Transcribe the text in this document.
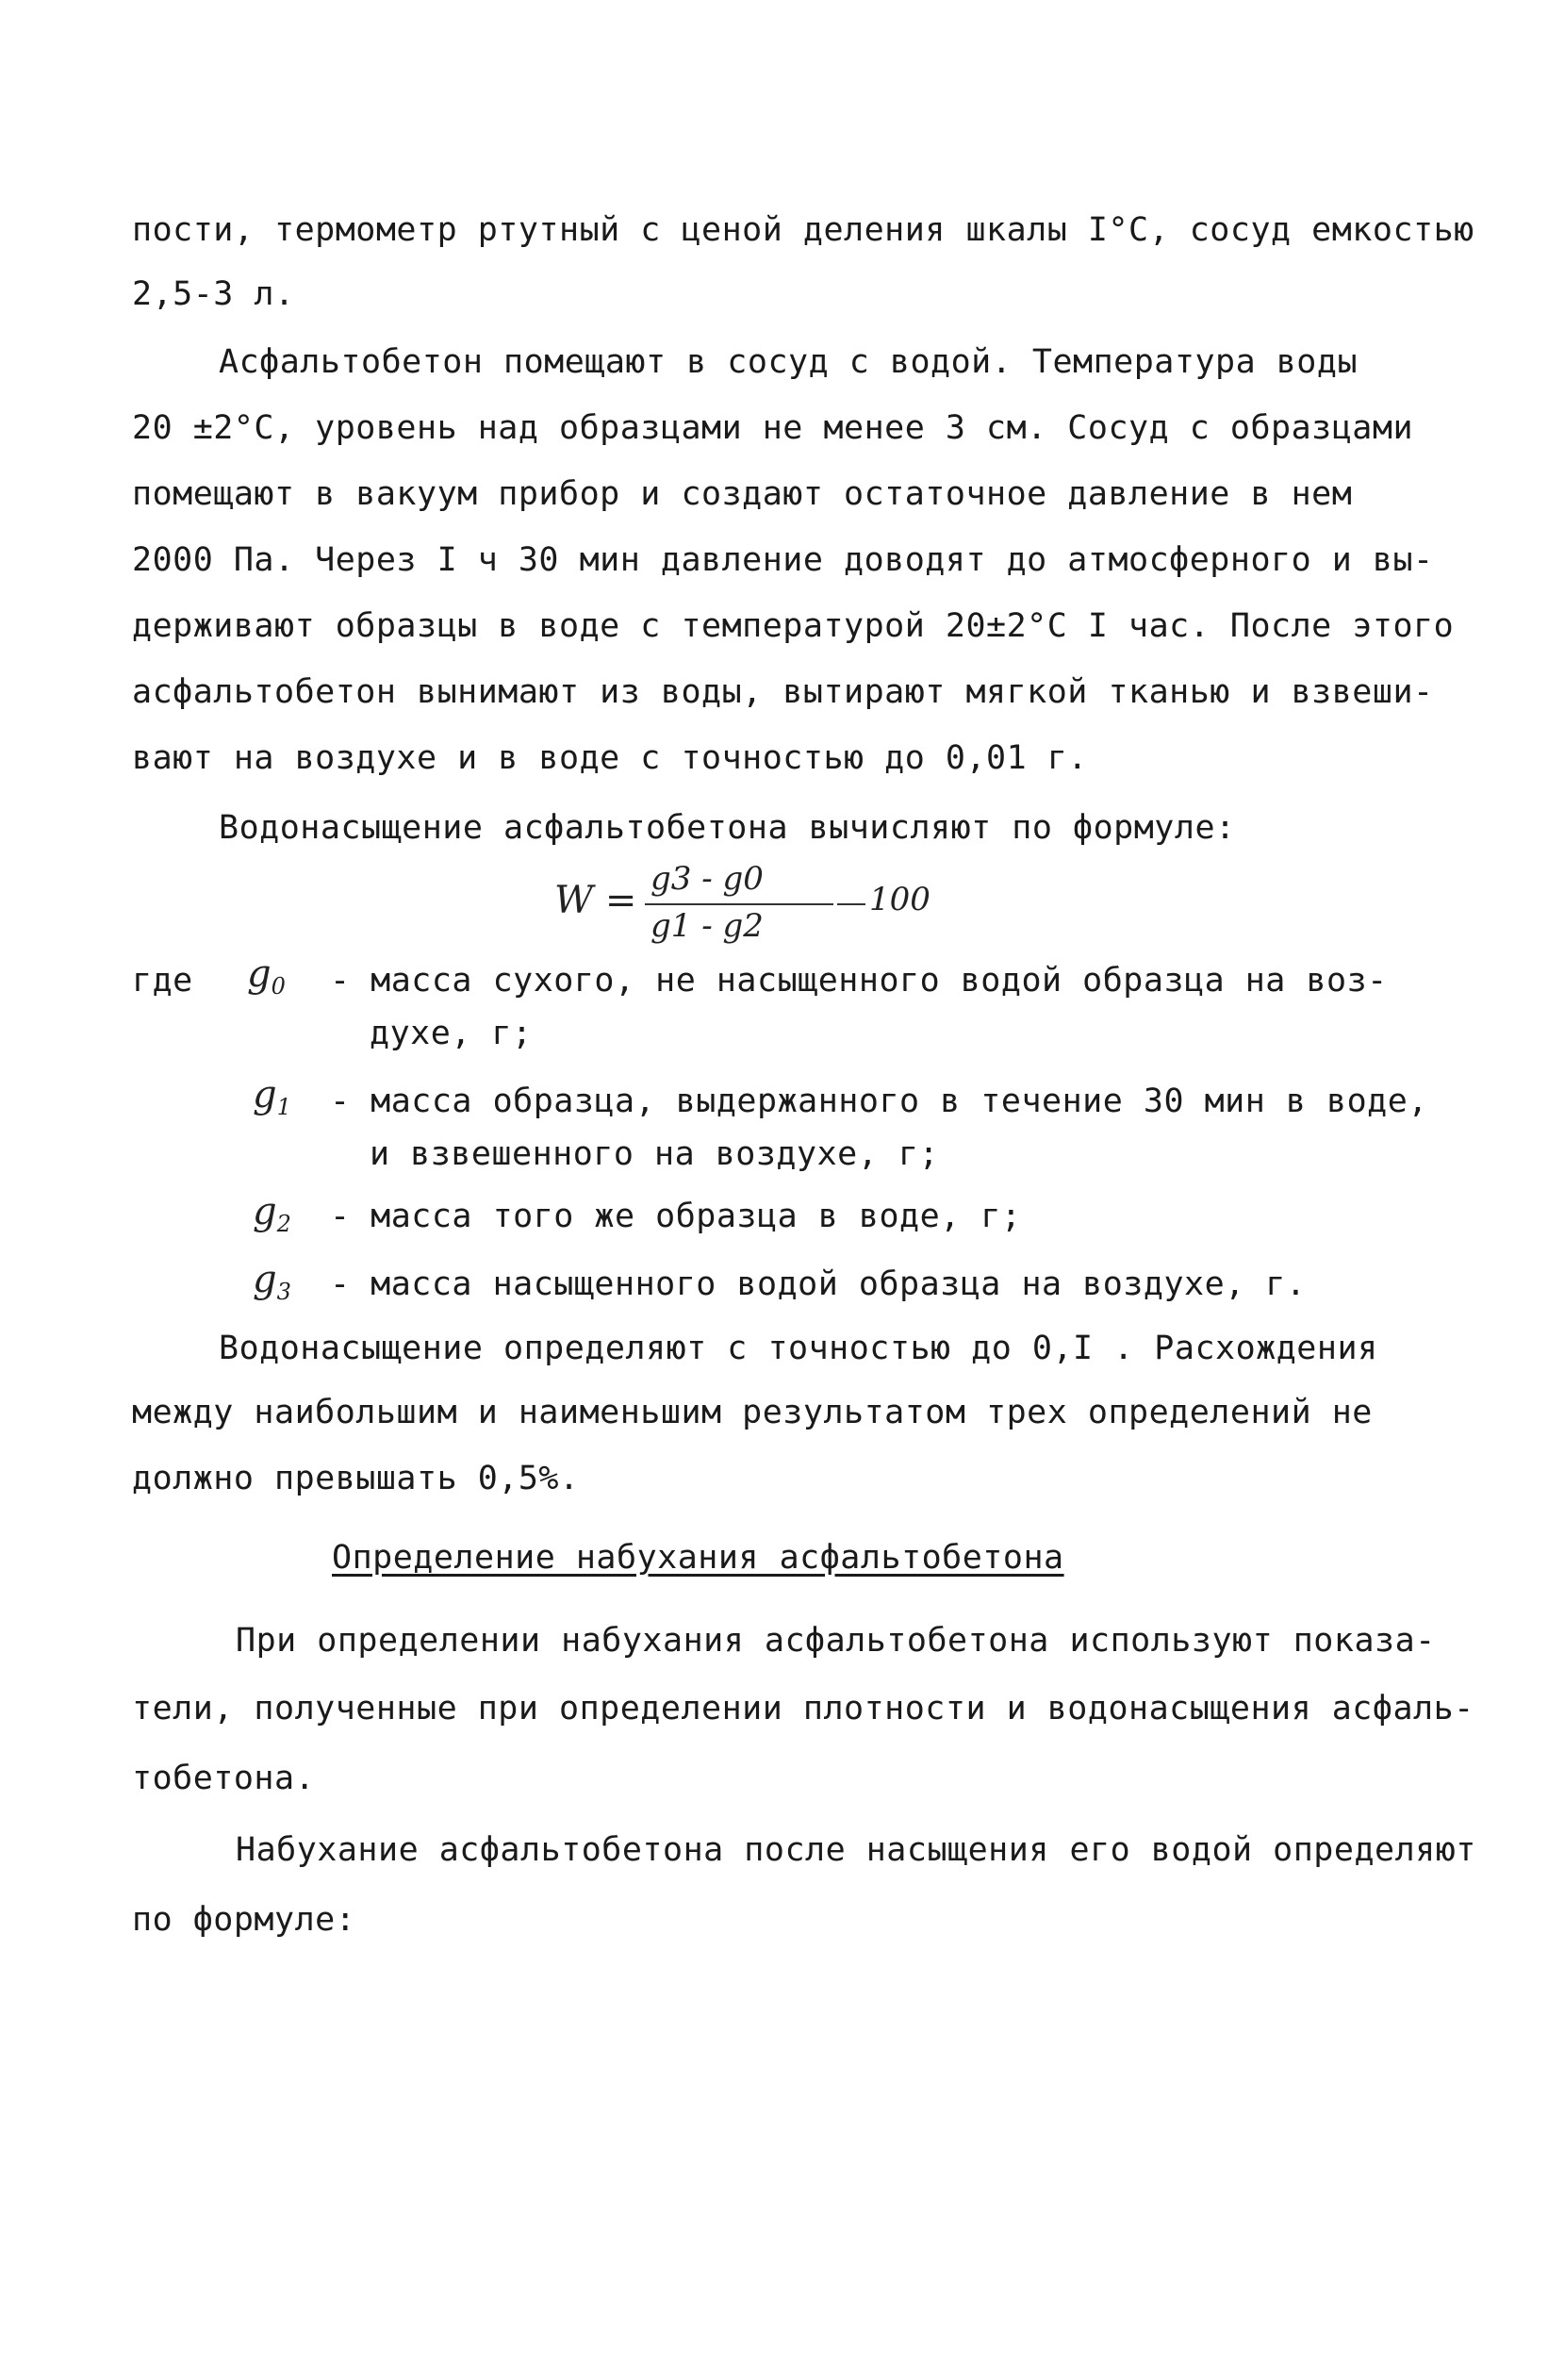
пости, термометр ртутный с ценой деления шкалы I°C, сосуд емкостью
2,5-3 л.
Асфальтобетон помещают в сосуд с водой. Температура воды
20 ±2°C, уровень над образцами не менее 3 см. Сосуд с образцами
помещают в вакуум прибор и создают остаточное давление в нем
2000 Па. Через I ч 30 мин давление доводят до атмосферного и вы-
держивают образцы в воде с температурой 20±2°C I час. После этого
асфальтобетон вынимают из воды, вытирают мягкой тканью и взвеши-
вают на воздухе и в воде с точностью до 0,01 г.
Водонасыщение асфальтобетона вычисляют по формуле:
W = g3 - g0
g1 - g2
100
где $g_0$ - масса сухого, не насыщенного водой образца на воз-
духе, г;
$g_1$ - масса образца, выдержанного в течение 30 мин в воде,
и взвешенного на воздухе, г;
$g_2$ - масса того же образца в воде, г;
$g_3$ - масса насыщенного водой образца на воздухе, г.
Водонасыщение определяют с точностью до 0,I . Расхождения
между наибольшим и наименьшим результатом трех определений не
должно превышать 0,5%.
Определение набухания асфальтобетона
При определении набухания асфальтобетона используют показа-
тели, полученные при определении плотности и водонасыщения асфаль-
тобетона.
Набухание асфальтобетона после насыщения его водой определяют
по формуле:
